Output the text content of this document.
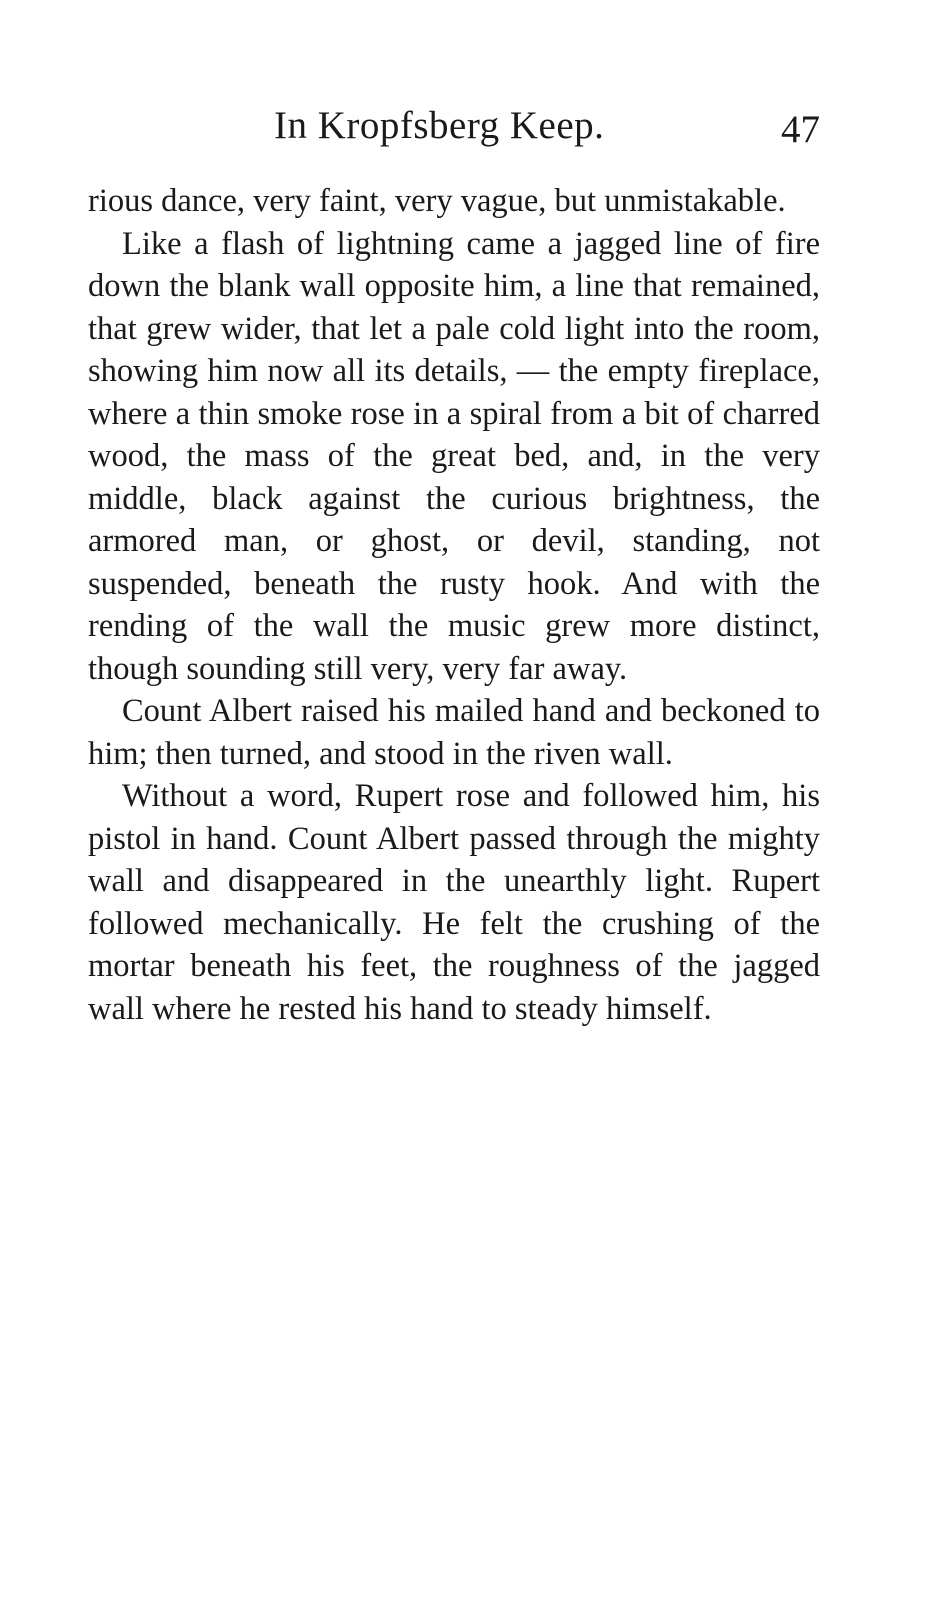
In Kropfsberg Keep.	47

rious dance, very faint, very vague, but unmistakable.

Like a flash of lightning came a jagged line of fire down the blank wall opposite him, a line that remained, that grew wider, that let a pale cold light into the room, showing him now all its details, — the empty fireplace, where a thin smoke rose in a spiral from a bit of charred wood, the mass of the great bed, and, in the very middle, black against the curious brightness, the armored man, or ghost, or devil, standing, not suspended, beneath the rusty hook. And with the rending of the wall the music grew more distinct, though sounding still very, very far away.

Count Albert raised his mailed hand and beckoned to him; then turned, and stood in the riven wall.

Without a word, Rupert rose and followed him, his pistol in hand. Count Albert passed through the mighty wall and disappeared in the unearthly light. Rupert followed mechanically. He felt the crushing of the mortar beneath his feet, the roughness of the jagged wall where he rested his hand to steady himself.
